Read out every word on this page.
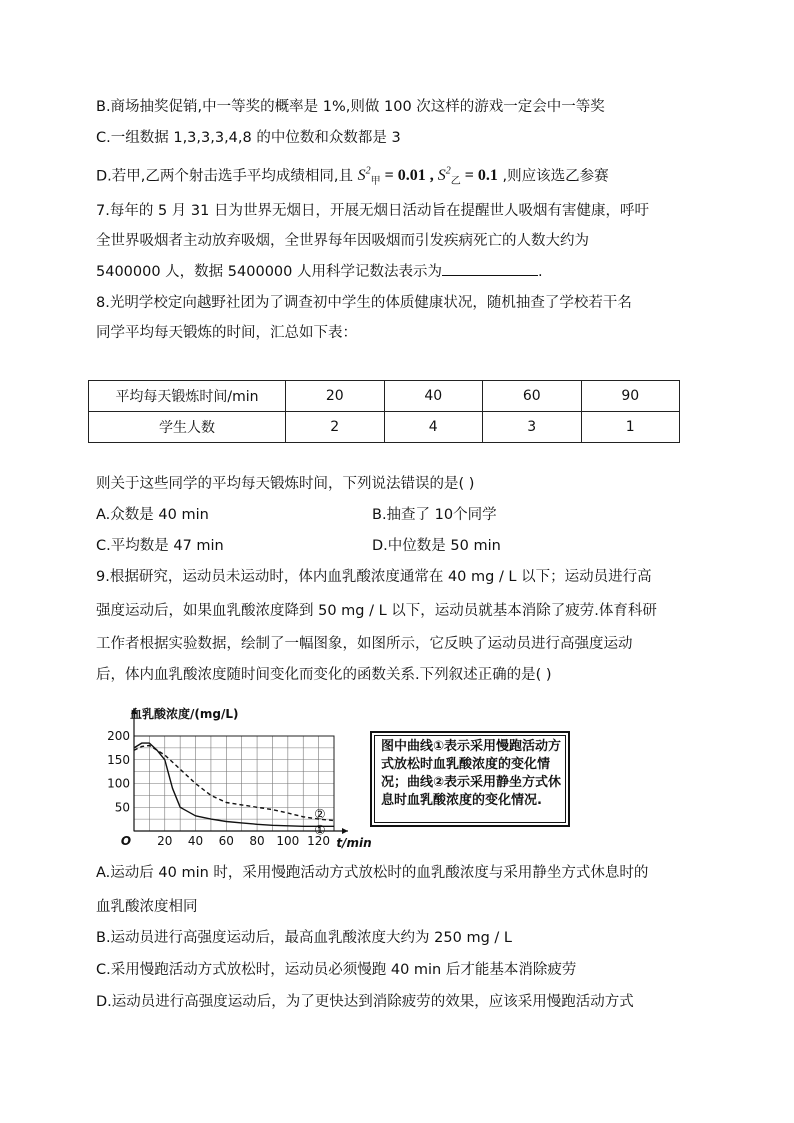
B.商场抽奖促销,中一等奖的概率是 1%,则做 100 次这样的游戏一定会中一等奖
C.一组数据 1,3,3,3,4,8 的中位数和众数都是 3
D.若甲,乙两个射击选手平均成绩相同,且 $S^2_甲 = 0.01$ , $S^2_乙 = 0.1$ ,则应该选乙参赛
7.每年的 5 月 31 日为世界无烟日，开展无烟日活动旨在提醒世人吸烟有害健康，呼吁
全世界吸烟者主动放弃吸烟，全世界每年因吸烟而引发疾病死亡的人数大约为
5400000 人，数据 5400000 人用科学记数法表示为	.
8.光明学校定向越野社团为了调查初中学生的体质健康状况，随机抽查了学校若干名
同学平均每天锻炼的时间，汇总如下表：
平均每天锻炼时间/min	20	40	60	90
学生人数	2	4	3	1
则关于这些同学的平均每天锻炼时间，下列说法错误的是( )
A.众数是 40 min	B.抽查了 10个同学
C.平均数是 47 min	D.中位数是 50 min
9.根据研究，运动员未运动时，体内血乳酸浓度通常在 40 mg / L 以下；运动员进行高
强度运动后，如果血乳酸浓度降到 50 mg / L 以下，运动员就基本消除了疲劳.体育科研
工作者根据实验数据，绘制了一幅图象，如图所示，它反映了运动员进行高强度运动
后，体内血乳酸浓度随时间变化而变化的函数关系.下列叙述正确的是( )
20 40 60 80 100 120
50
100
150
200
O
血乳酸浓度/(mg/L)
t/min
①
②
图中曲线①表示采用慢跑活动方式放松时血乳酸浓度的变化情况；曲线②表示采用静坐方式休息时血乳酸浓度的变化情况.
A.运动后 40 min 时，采用慢跑活动方式放松时的血乳酸浓度与采用静坐方式休息时的
血乳酸浓度相同
B.运动员进行高强度运动后，最高血乳酸浓度大约为 250 mg / L
C.采用慢跑活动方式放松时，运动员必须慢跑 40 min 后才能基本消除疲劳
D.运动员进行高强度运动后，为了更快达到消除疲劳的效果，应该采用慢跑活动方式
